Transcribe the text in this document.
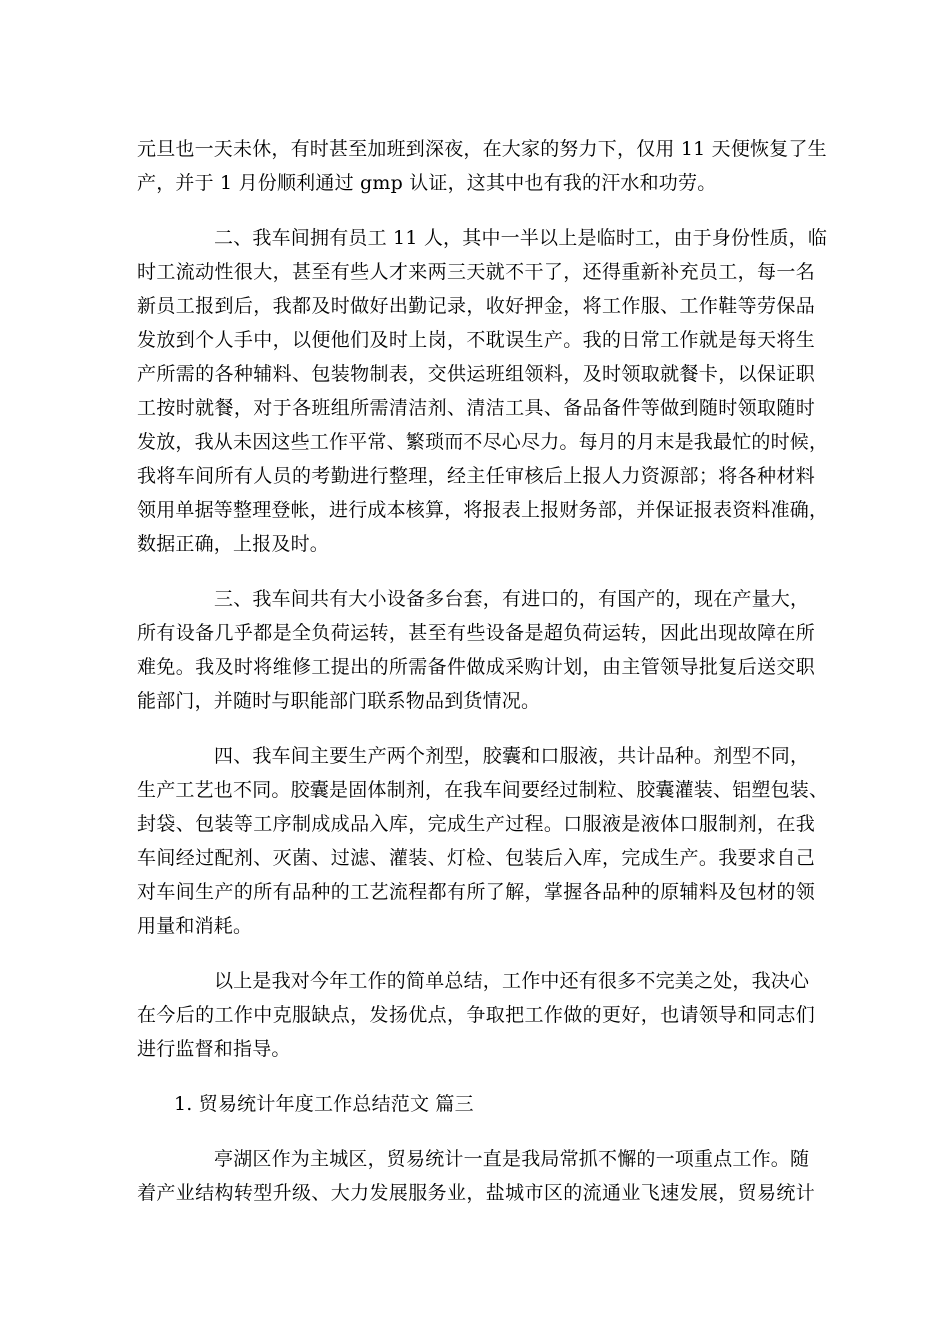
元旦也一天未休，有时甚至加班到深夜，在大家的努力下，仅用 11 天便恢复了生
产，并于 1 月份顺利通过 gmp 认证，这其中也有我的汗水和功劳。
二、我车间拥有员工 11 人，其中一半以上是临时工，由于身份性质，临
时工流动性很大，甚至有些人才来两三天就不干了，还得重新补充员工，每一名
新员工报到后，我都及时做好出勤记录，收好押金，将工作服、工作鞋等劳保品
发放到个人手中，以便他们及时上岗，不耽误生产。我的日常工作就是每天将生
产所需的各种辅料、包装物制表，交供运班组领料，及时领取就餐卡，以保证职
工按时就餐，对于各班组所需清洁剂、清洁工具、备品备件等做到随时领取随时
发放，我从未因这些工作平常、繁琐而不尽心尽力。每月的月末是我最忙的时候，
我将车间所有人员的考勤进行整理，经主任审核后上报人力资源部；将各种材料
领用单据等整理登帐，进行成本核算，将报表上报财务部，并保证报表资料准确，
数据正确，上报及时。
三、我车间共有大小设备多台套，有进口的，有国产的，现在产量大，
所有设备几乎都是全负荷运转，甚至有些设备是超负荷运转，因此出现故障在所
难免。我及时将维修工提出的所需备件做成采购计划，由主管领导批复后送交职
能部门，并随时与职能部门联系物品到货情况。
四、我车间主要生产两个剂型，胶囊和口服液，共计品种。剂型不同，
生产工艺也不同。胶囊是固体制剂，在我车间要经过制粒、胶囊灌装、铝塑包装、
封袋、包装等工序制成成品入库，完成生产过程。口服液是液体口服制剂，在我
车间经过配剂、灭菌、过滤、灌装、灯检、包装后入库，完成生产。我要求自己
对车间生产的所有品种的工艺流程都有所了解，掌握各品种的原辅料及包材的领
用量和消耗。
以上是我对今年工作的简单总结，工作中还有很多不完美之处，我决心
在今后的工作中克服缺点，发扬优点，争取把工作做的更好，也请领导和同志们
进行监督和指导。
1. 贸易统计年度工作总结范文 篇三
亭湖区作为主城区，贸易统计一直是我局常抓不懈的一项重点工作。随
着产业结构转型升级、大力发展服务业，盐城市区的流通业飞速发展，贸易统计
